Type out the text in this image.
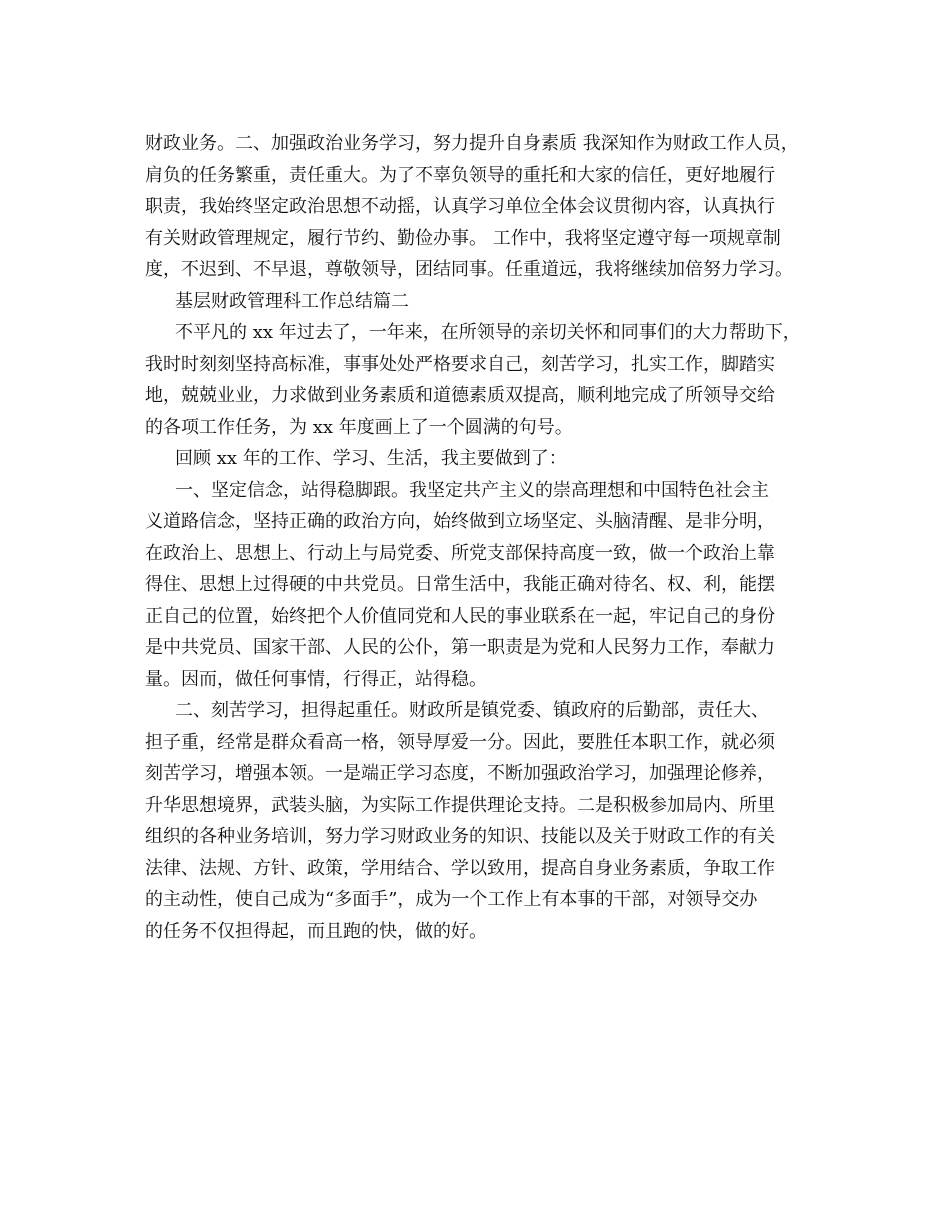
财政业务。二、加强政治业务学习，努力提升自身素质 我深知作为财政工作人员，
肩负的任务繁重，责任重大。为了不辜负领导的重托和大家的信任，更好地履行
职责，我始终坚定政治思想不动摇，认真学习单位全体会议贯彻内容，认真执行
有关财政管理规定，履行节约、勤俭办事。 工作中，我将坚定遵守每一项规章制
度，不迟到、不早退，尊敬领导，团结同事。任重道远，我将继续加倍努力学习。
基层财政管理科工作总结篇二
不平凡的 xx 年过去了，一年来，在所领导的亲切关怀和同事们的大力帮助下，
我时时刻刻坚持高标准，事事处处严格要求自己，刻苦学习，扎实工作，脚踏实
地，兢兢业业，力求做到业务素质和道德素质双提高，顺利地完成了所领导交给
的各项工作任务，为 xx 年度画上了一个圆满的句号。
回顾 xx 年的工作、学习、生活，我主要做到了：
一、坚定信念，站得稳脚跟。我坚定共产主义的崇高理想和中国特色社会主
义道路信念，坚持正确的政治方向，始终做到立场坚定、头脑清醒、是非分明，
在政治上、思想上、行动上与局党委、所党支部保持高度一致，做一个政治上靠
得住、思想上过得硬的中共党员。日常生活中，我能正确对待名、权、利，能摆
正自己的位置，始终把个人价值同党和人民的事业联系在一起，牢记自己的身份
是中共党员、国家干部、人民的公仆，第一职责是为党和人民努力工作，奉献力
量。因而，做任何事情，行得正，站得稳。
二、刻苦学习，担得起重任。财政所是镇党委、镇政府的后勤部，责任大、
担子重，经常是群众看高一格，领导厚爱一分。因此，要胜任本职工作，就必须
刻苦学习，增强本领。一是端正学习态度，不断加强政治学习，加强理论修养，
升华思想境界，武装头脑，为实际工作提供理论支持。二是积极参加局内、所里
组织的各种业务培训，努力学习财政业务的知识、技能以及关于财政工作的有关
法律、法规、方针、政策，学用结合、学以致用，提高自身业务素质，争取工作
的主动性，使自己成为“多面手”，成为一个工作上有本事的干部，对领导交办
的任务不仅担得起，而且跑的快，做的好。
